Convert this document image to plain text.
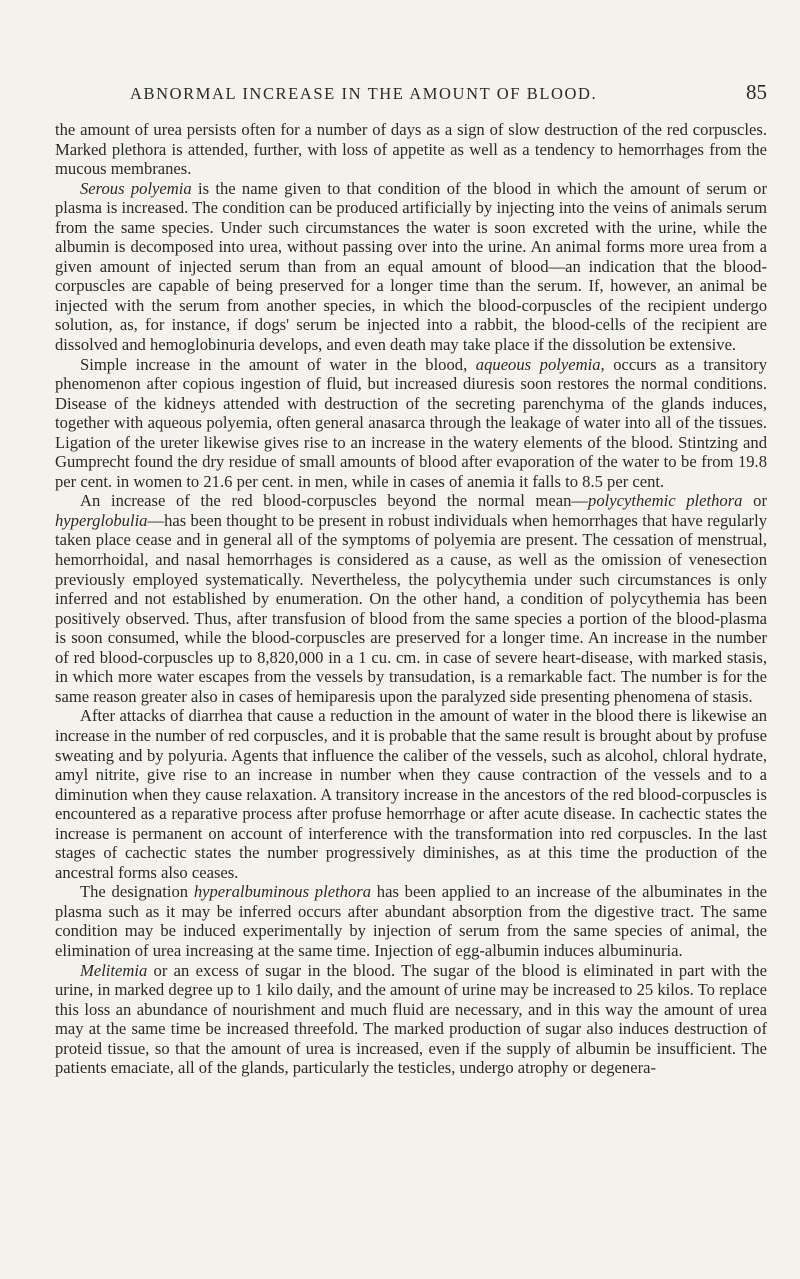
ABNORMAL INCREASE IN THE AMOUNT OF BLOOD.	85

the amount of urea persists often for a number of days as a sign of slow destruction of the red corpuscles. Marked plethora is attended, further, with loss of appetite as well as a tendency to hemorrhages from the mucous membranes.

Serous polyemia is the name given to that condition of the blood in which the amount of serum or plasma is increased. The condition can be produced artificially by injecting into the veins of animals serum from the same species. Under such circumstances the water is soon excreted with the urine, while the albumin is decomposed into urea, without passing over into the urine. An animal forms more urea from a given amount of injected serum than from an equal amount of blood—an indication that the blood-corpuscles are capable of being preserved for a longer time than the serum. If, however, an animal be injected with the serum from another species, in which the blood-corpuscles of the recipient undergo solution, as, for instance, if dogs' serum be injected into a rabbit, the blood-cells of the recipient are dissolved and hemoglobinuria develops, and even death may take place if the dissolution be extensive.

Simple increase in the amount of water in the blood, aqueous polyemia, occurs as a transitory phenomenon after copious ingestion of fluid, but increased diuresis soon restores the normal conditions. Disease of the kidneys attended with destruction of the secreting parenchyma of the glands induces, together with aqueous polyemia, often general anasarca through the leakage of water into all of the tissues. Ligation of the ureter likewise gives rise to an increase in the watery elements of the blood. Stintzing and Gumprecht found the dry residue of small amounts of blood after evaporation of the water to be from 19.8 per cent. in women to 21.6 per cent. in men, while in cases of anemia it falls to 8.5 per cent.

An increase of the red blood-corpuscles beyond the normal mean—polycythemic plethora or hyperglobulia—has been thought to be present in robust individuals when hemorrhages that have regularly taken place cease and in general all of the symptoms of polyemia are present. The cessation of menstrual, hemorrhoidal, and nasal hemorrhages is considered as a cause, as well as the omission of venesection previously employed systematically. Nevertheless, the polycythemia under such circumstances is only inferred and not established by enumeration. On the other hand, a condition of polycythemia has been positively observed. Thus, after transfusion of blood from the same species a portion of the blood-plasma is soon consumed, while the blood-corpuscles are preserved for a longer time. An increase in the number of red blood-corpuscles up to 8,820,000 in a 1 cu. cm. in case of severe heart-disease, with marked stasis, in which more water escapes from the vessels by transudation, is a remarkable fact. The number is for the same reason greater also in cases of hemiparesis upon the paralyzed side presenting phenomena of stasis.

After attacks of diarrhea that cause a reduction in the amount of water in the blood there is likewise an increase in the number of red corpuscles, and it is probable that the same result is brought about by profuse sweating and by polyuria. Agents that influence the caliber of the vessels, such as alcohol, chloral hydrate, amyl nitrite, give rise to an increase in number when they cause contraction of the vessels and to a diminution when they cause relaxation. A transitory increase in the ancestors of the red blood-corpuscles is encountered as a reparative process after profuse hemorrhage or after acute disease. In cachectic states the increase is permanent on account of interference with the transformation into red corpuscles. In the last stages of cachectic states the number progressively diminishes, as at this time the production of the ancestral forms also ceases.

The designation hyperalbuminous plethora has been applied to an increase of the albuminates in the plasma such as it may be inferred occurs after abundant absorption from the digestive tract. The same condition may be induced experimentally by injection of serum from the same species of animal, the elimination of urea increasing at the same time. Injection of egg-albumin induces albuminuria.

Melitemia or an excess of sugar in the blood. The sugar of the blood is eliminated in part with the urine, in marked degree up to 1 kilo daily, and the amount of urine may be increased to 25 kilos. To replace this loss an abundance of nourishment and much fluid are necessary, and in this way the amount of urea may at the same time be increased threefold. The marked production of sugar also induces destruction of proteid tissue, so that the amount of urea is increased, even if the supply of albumin be insufficient. The patients emaciate, all of the glands, particularly the testicles, undergo atrophy or degenera-
